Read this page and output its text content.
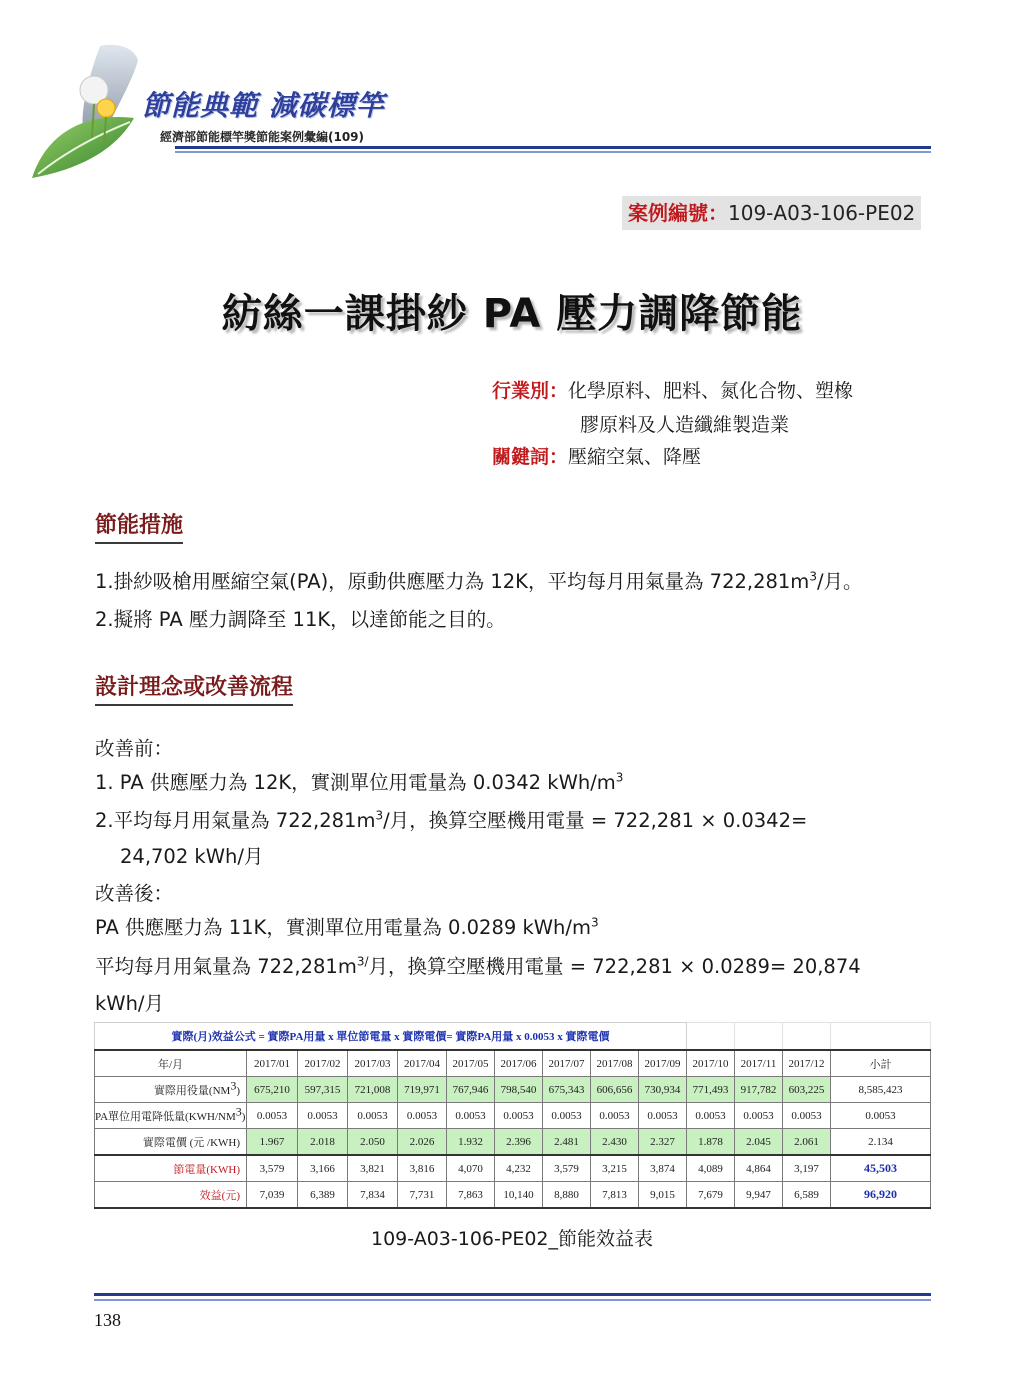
節能典範 減碳標竿
經濟部節能標竿獎節能案例彙編(109)
案例編號：109-A03-106-PE02
紡絲一課掛紗 PA 壓力調降節能
行業別：化學原料、肥料、氮化合物、塑橡
膠原料及人造纖維製造業
關鍵詞：壓縮空氣、降壓
節能措施
1.掛紗吸槍用壓縮空氣(PA)，原動供應壓力為 12K，平均每月用氣量為 $722,281m^3/$月。
2.擬將 PA 壓力調降至 11K，以達節能之目的。
設計理念或改善流程
改善前：
1. PA 供應壓力為 12K，實測單位用電量為 0.0342 kWh/$m^3$
2.平均每月用氣量為 $722,281m^3/$月，換算空壓機用電量 = 722,281 × 0.0342=
24,702 kWh/月
改善後：
PA 供應壓力為 11K，實測單位用電量為 0.0289 kWh/$m^3$
平均每月用氣量為 $722,281m^{3/}$月，換算空壓機用電量 = 722,281 × 0.0289= 20,874
kWh/月
實際(月)效益公式 = 實際PA用量 x 單位節電量 x 實際電價= 實際PA用量 x 0.0053 x 實際電價													
年/月	2017/01	2017/02	2017/03	2017/04	2017/05	2017/06	2017/07	2017/08	2017/09	2017/10	2017/11	2017/12	小計
實際用役量$(NM^3)$	675,210	597,315	721,008	719,971	767,946	798,540	675,343	606,656	730,934	771,493	917,782	603,225	8,585,423
PA單位用電降低量$(KWH/NM^3)$	0.0053	0.0053	0.0053	0.0053	0.0053	0.0053	0.0053	0.0053	0.0053	0.0053	0.0053	0.0053	0.0053
實際電價 (元 /KWH)	1.967	2.018	2.050	2.026	1.932	2.396	2.481	2.430	2.327	1.878	2.045	2.061	2.134
節電量(KWH)	3,579	3,166	3,821	3,816	4,070	4,232	3,579	3,215	3,874	4,089	4,864	3,197	45,503
效益(元)	7,039	6,389	7,834	7,731	7,863	10,140	8,880	7,813	9,015	7,679	9,947	6,589	96,920
109-A03-106-PE02_節能效益表
138
